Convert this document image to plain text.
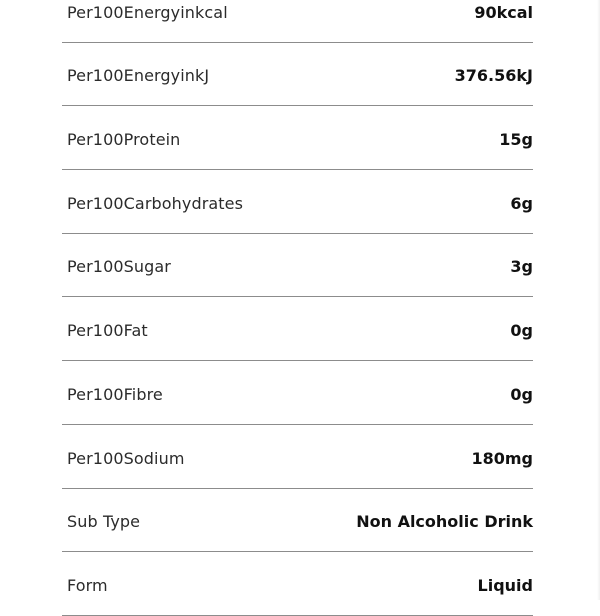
Per100Energyinkcal	90kcal
Per100EnergyinkJ	376.56kJ
Per100Protein	15g
Per100Carbohydrates	6g
Per100Sugar	3g
Per100Fat	0g
Per100Fibre	0g
Per100Sodium	180mg
Sub Type	Non Alcoholic Drink
Form	Liquid
